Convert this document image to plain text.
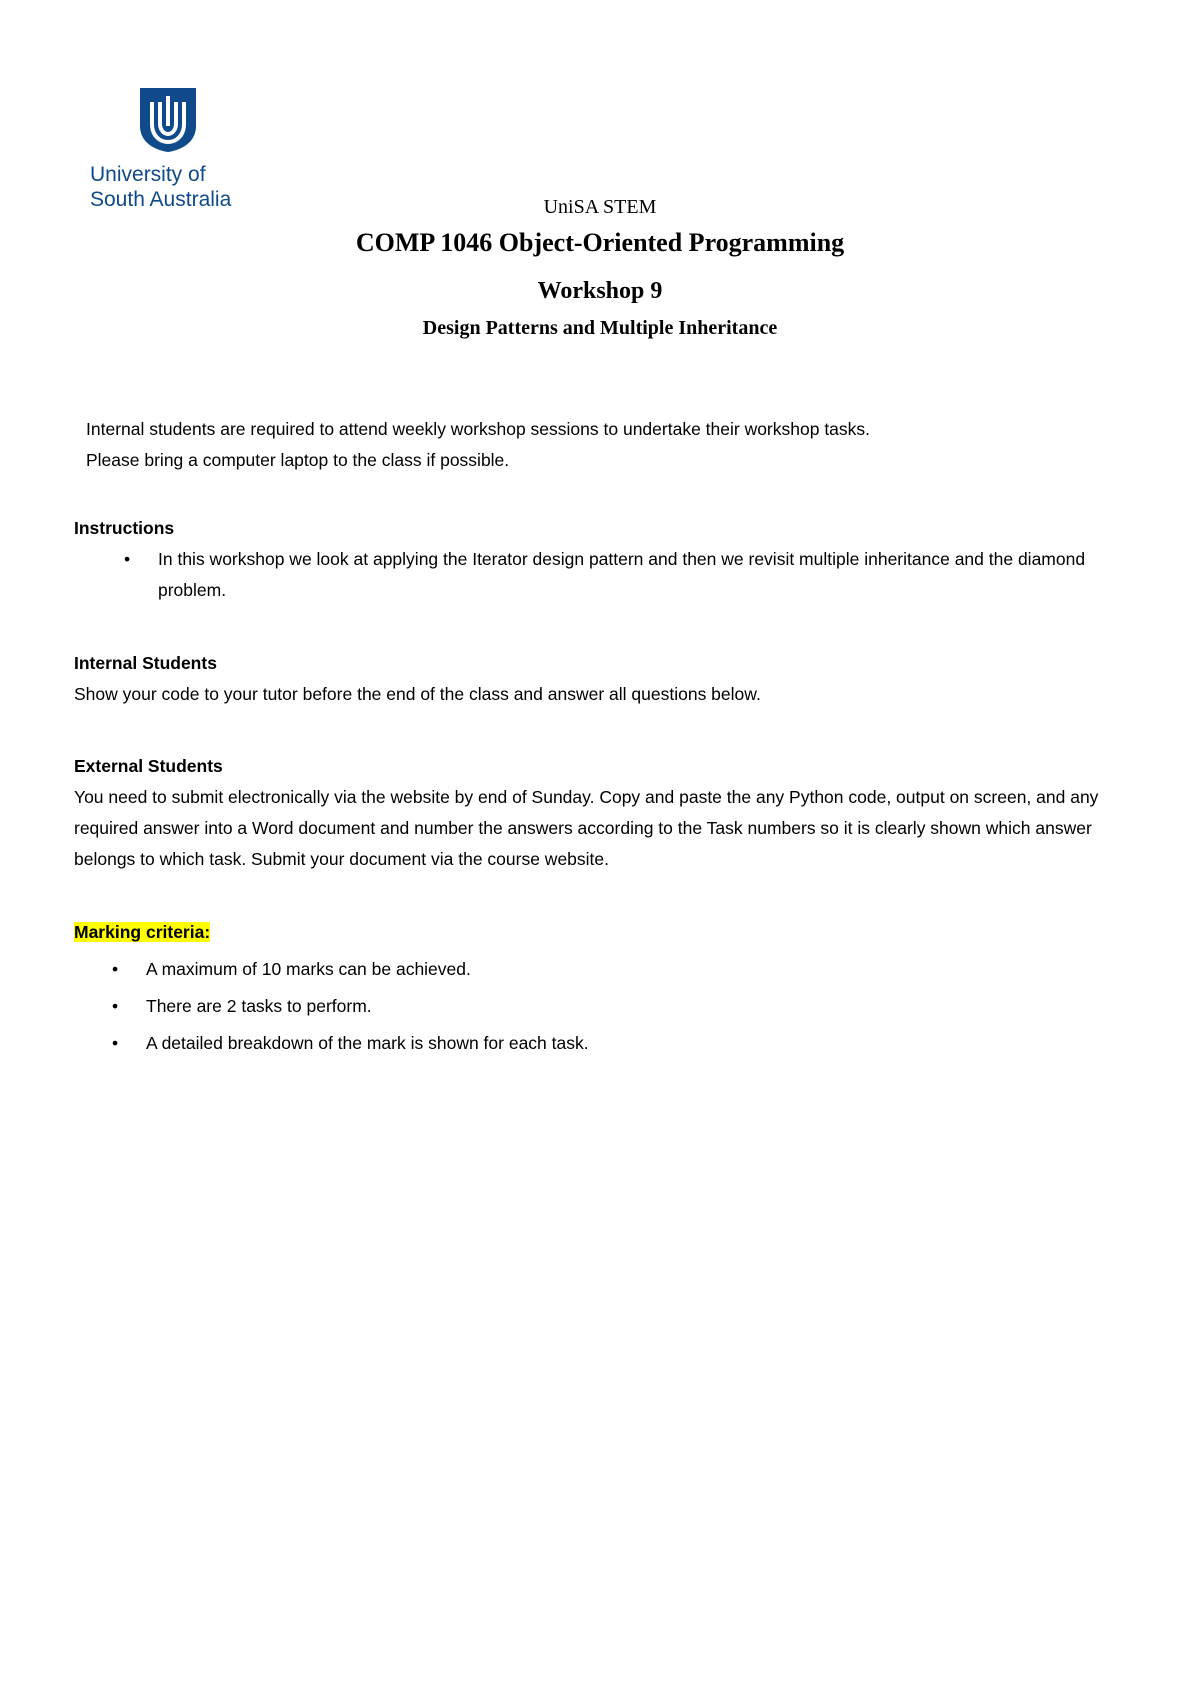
University of
South Australia	UniSA STEM
COMP 1046 Object-Oriented Programming
Workshop 9
Design Patterns and Multiple Inheritance
Internal students are required to attend weekly workshop sessions to undertake their workshop tasks.
Please bring a computer laptop to the class if possible.
Instructions
• In this workshop we look at applying the Iterator design pattern and then we revisit multiple inheritance and the diamond problem.
Internal Students
Show your code to your tutor before the end of the class and answer all questions below.
External Students
You need to submit electronically via the website by end of Sunday. Copy and paste the any Python code, output on screen, and any required answer into a Word document and number the answers according to the Task numbers so it is clearly shown which answer belongs to which task. Submit your document via the course website.
Marking criteria:
• A maximum of 10 marks can be achieved.
• There are 2 tasks to perform.
• A detailed breakdown of the mark is shown for each task.
